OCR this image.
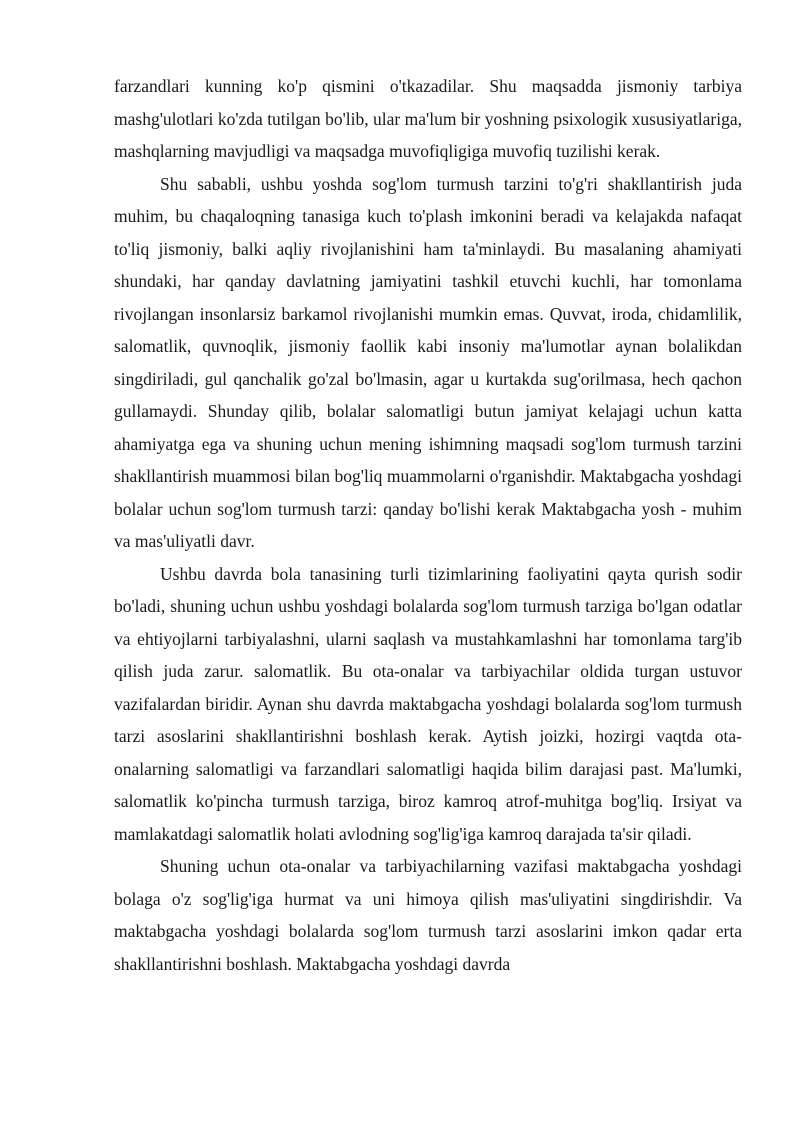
farzandlari kunning ko'p qismini o'tkazadilar. Shu maqsadda jismoniy tarbiya mashg'ulotlari ko'zda tutilgan bo'lib, ular ma'lum bir yoshning psixologik xususiyatlariga, mashqlarning mavjudligi va maqsadga muvofiqligiga muvofiq tuzilishi kerak.

Shu sababli, ushbu yoshda sog'lom turmush tarzini to'g'ri shakllantirish juda muhim, bu chaqaloqning tanasiga kuch to'plash imkonini beradi va kelajakda nafaqat to'liq jismoniy, balki aqliy rivojlanishini ham ta'minlaydi. Bu masalaning ahamiyati shundaki, har qanday davlatning jamiyatini tashkil etuvchi kuchli, har tomonlama rivojlangan insonlarsiz barkamol rivojlanishi mumkin emas. Quvvat, iroda, chidamlilik, salomatlik, quvnoqlik, jismoniy faollik kabi insoniy ma'lumotlar aynan bolalikdan singdiriladi, gul qanchalik go'zal bo'lmasin, agar u kurtakda sug'orilmasa, hech qachon gullamaydi. Shunday qilib, bolalar salomatligi butun jamiyat kelajagi uchun katta ahamiyatga ega va shuning uchun mening ishimning maqsadi sog'lom turmush tarzini shakllantirish muammosi bilan bog'liq muammolarni o'rganishdir. Maktabgacha yoshdagi bolalar uchun sog'lom turmush tarzi: qanday bo'lishi kerak Maktabgacha yosh - muhim va mas'uliyatli davr.

Ushbu davrda bola tanasining turli tizimlarining faoliyatini qayta qurish sodir bo'ladi, shuning uchun ushbu yoshdagi bolalarda sog'lom turmush tarziga bo'lgan odatlar va ehtiyojlarni tarbiyalashni, ularni saqlash va mustahkamlashni har tomonlama targ'ib qilish juda zarur. salomatlik. Bu ota-onalar va tarbiyachilar oldida turgan ustuvor vazifalardan biridir. Aynan shu davrda maktabgacha yoshdagi bolalarda sog'lom turmush tarzi asoslarini shakllantirishni boshlash kerak. Aytish joizki, hozirgi vaqtda ota-onalarning salomatligi va farzandlari salomatligi haqida bilim darajasi past. Ma'lumki, salomatlik ko'pincha turmush tarziga, biroz kamroq atrof-muhitga bog'liq. Irsiyat va mamlakatdagi salomatlik holati avlodning sog'lig'iga kamroq darajada ta'sir qiladi.

Shuning uchun ota-onalar va tarbiyachilarning vazifasi maktabgacha yoshdagi bolaga o'z sog'lig'iga hurmat va uni himoya qilish mas'uliyatini singdirishdir. Va maktabgacha yoshdagi bolalarda sog'lom turmush tarzi asoslarini imkon qadar erta shakllantirishni boshlash. Maktabgacha yoshdagi davrda
